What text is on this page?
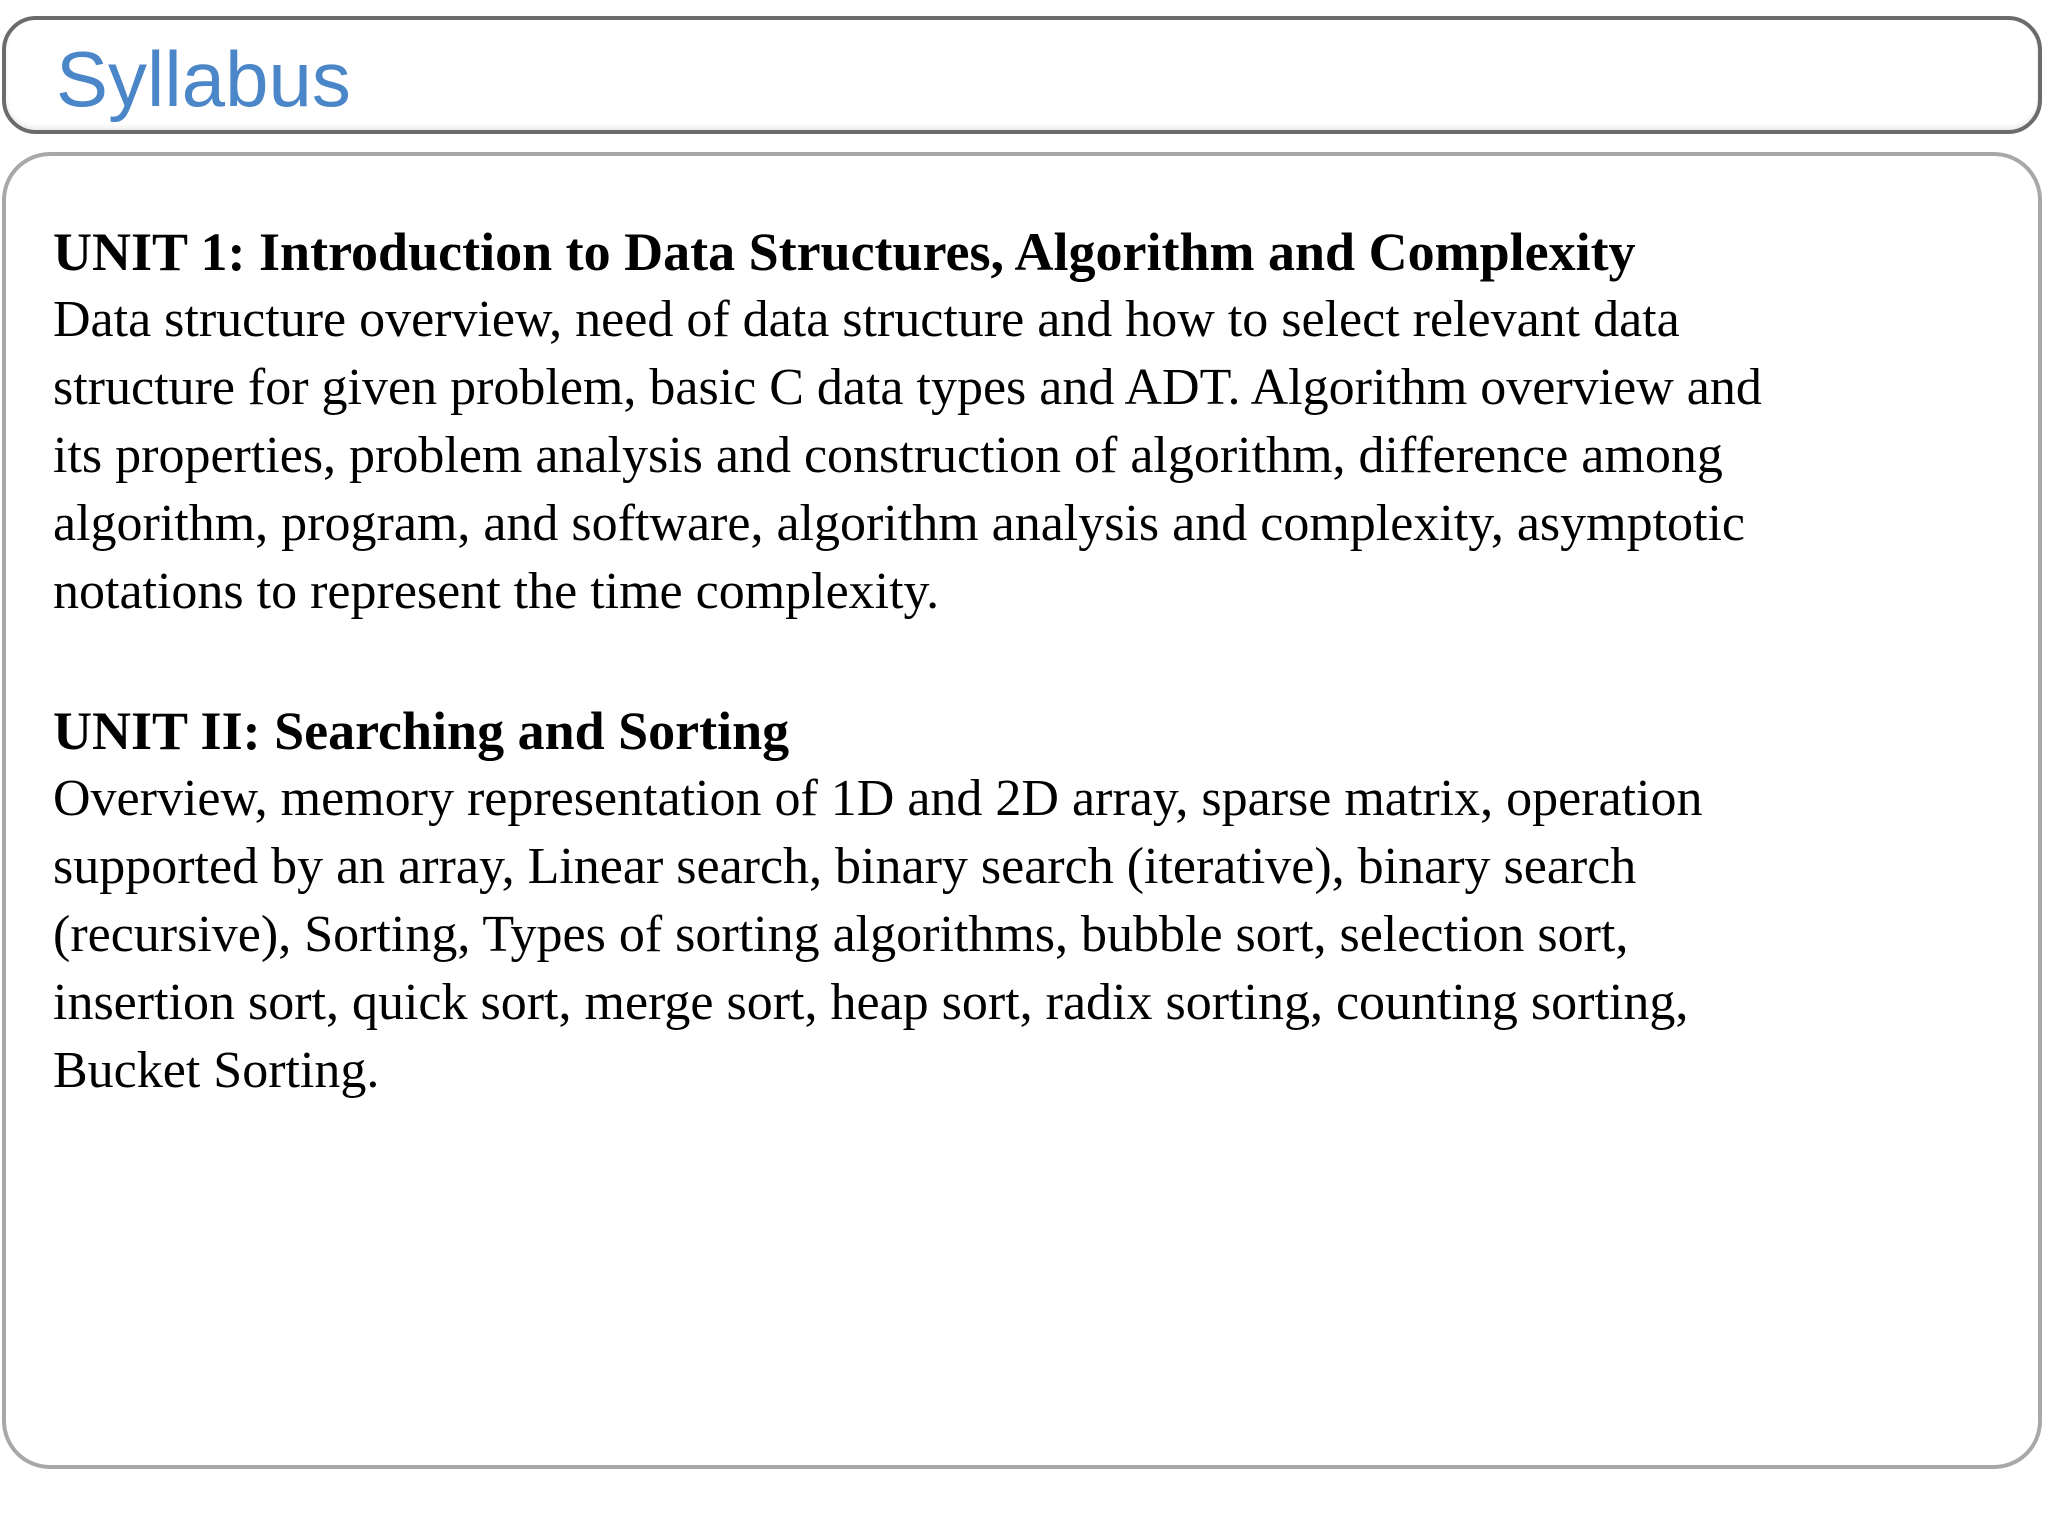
Syllabus
UNIT 1: Introduction to Data Structures, Algorithm and Complexity

Data structure overview, need of data structure and how to select relevant data
structure for given problem, basic C data types and ADT. Algorithm overview and
its properties, problem analysis and construction of algorithm, difference among
algorithm, program, and software, algorithm analysis and complexity, asymptotic
notations to represent the time complexity.

UNIT II: Searching and Sorting

Overview, memory representation of 1D and 2D array, sparse matrix, operation
supported by an array, Linear search, binary search (iterative), binary search
(recursive), Sorting, Types of sorting algorithms, bubble sort, selection sort,
insertion sort, quick sort, merge sort, heap sort, radix sorting, counting sorting,
Bucket Sorting.
